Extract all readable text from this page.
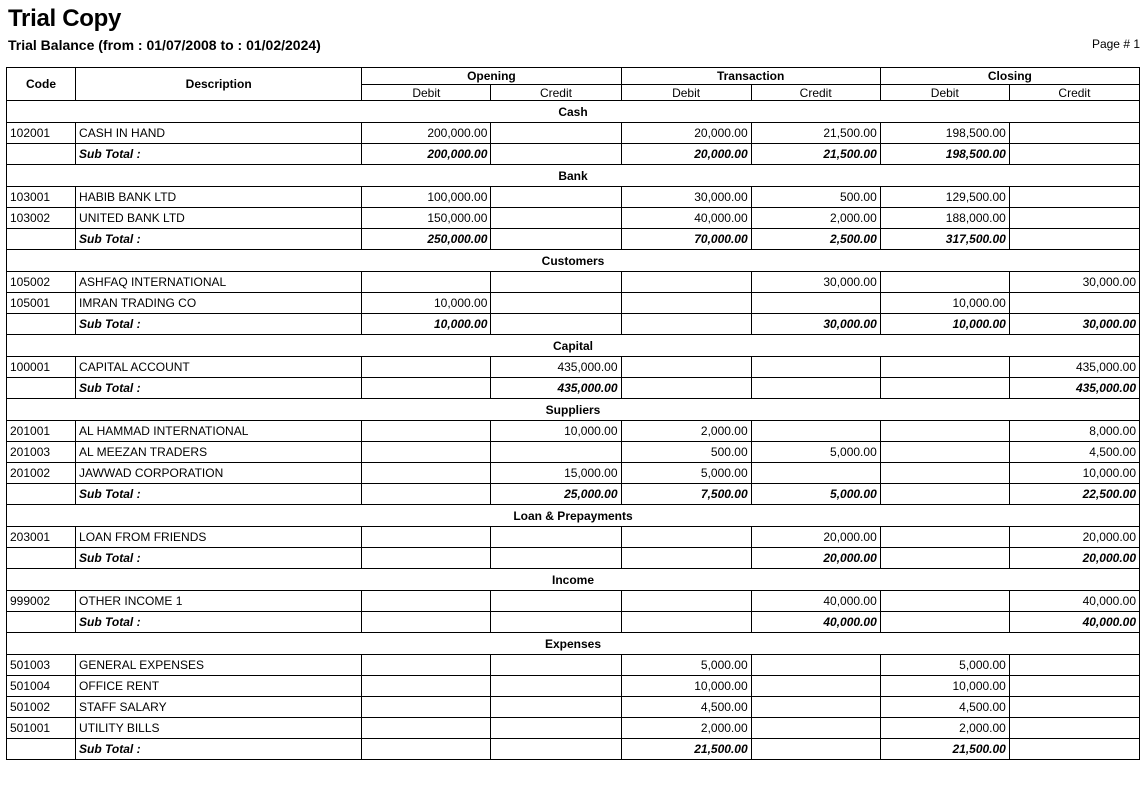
Trial Copy
Trial Balance (from : 01/07/2008 to : 01/02/2024)	Page # 1
Code	Description	Opening		Transaction		Closing	
		Debit	Credit	Debit	Credit	Debit	Credit
Cash							
102001	CASH IN HAND	200,000.00		20,000.00	21,500.00	198,500.00	
	Sub Total :	200,000.00		20,000.00	21,500.00	198,500.00	
Bank							
103001	HABIB BANK LTD	100,000.00		30,000.00	500.00	129,500.00	
103002	UNITED BANK LTD	150,000.00		40,000.00	2,000.00	188,000.00	
	Sub Total :	250,000.00		70,000.00	2,500.00	317,500.00	
Customers							
105002	ASHFAQ INTERNATIONAL				30,000.00		30,000.00
105001	IMRAN TRADING CO	10,000.00				10,000.00	
	Sub Total :	10,000.00			30,000.00	10,000.00	30,000.00
Capital							
100001	CAPITAL ACCOUNT		435,000.00				435,000.00
	Sub Total :		435,000.00				435,000.00
Suppliers							
201001	AL HAMMAD INTERNATIONAL		10,000.00	2,000.00			8,000.00
201003	AL MEEZAN TRADERS			500.00	5,000.00		4,500.00
201002	JAWWAD CORPORATION		15,000.00	5,000.00			10,000.00
	Sub Total :		25,000.00	7,500.00	5,000.00		22,500.00
Loan & Prepayments							
203001	LOAN FROM FRIENDS				20,000.00		20,000.00
	Sub Total :				20,000.00		20,000.00
Income							
999002	OTHER INCOME 1				40,000.00		40,000.00
	Sub Total :				40,000.00		40,000.00
Expenses							
501003	GENERAL EXPENSES			5,000.00		5,000.00	
501004	OFFICE RENT			10,000.00		10,000.00	
501002	STAFF SALARY			4,500.00		4,500.00	
501001	UTILITY BILLS			2,000.00		2,000.00	
	Sub Total :			21,500.00		21,500.00	
